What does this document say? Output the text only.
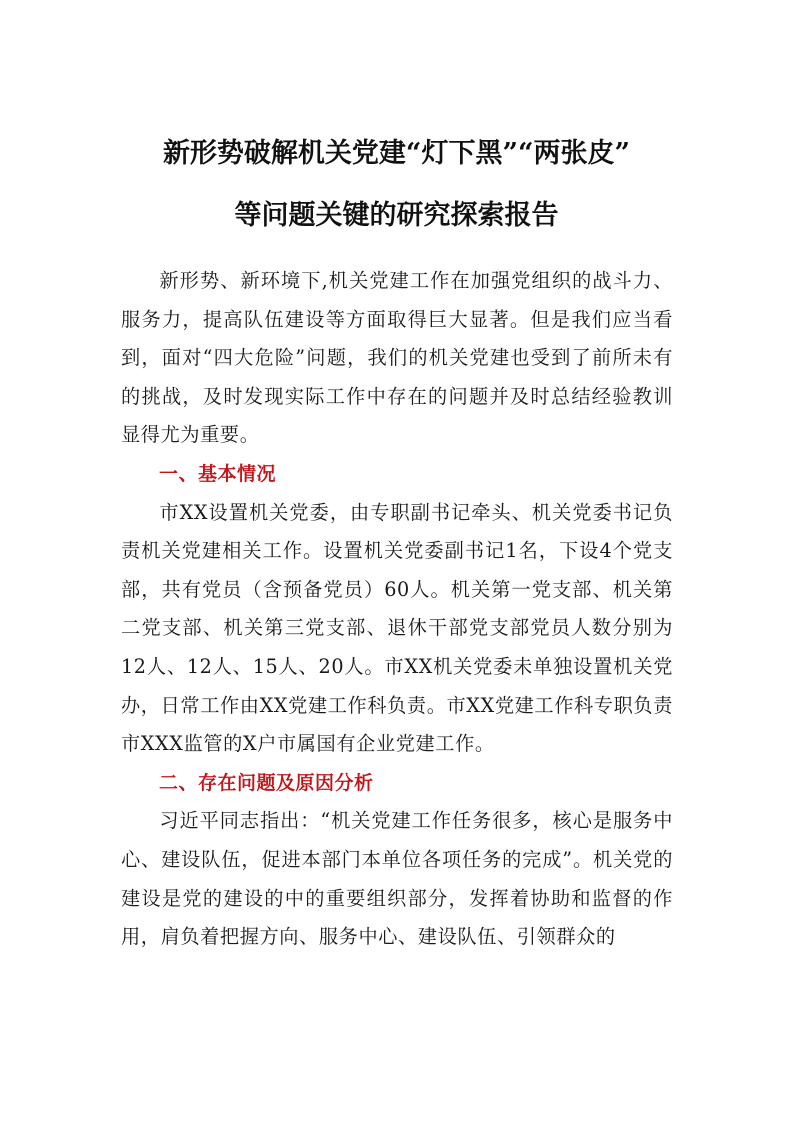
新形势破解机关党建“灯下黑”“两张皮”
等问题关键的研究探索报告

新形势、新环境下,机关党建工作在加强党组织的战斗力、服务力，提高队伍建设等方面取得巨大显著。但是我们应当看到，面对“四大危险”问题，我们的机关党建也受到了前所未有的挑战，及时发现实际工作中存在的问题并及时总结经验教训显得尤为重要。

一、基本情况

市XX设置机关党委，由专职副书记牵头、机关党委书记负责机关党建相关工作。设置机关党委副书记1名，下设4个党支部，共有党员（含预备党员）60人。机关第一党支部、机关第二党支部、机关第三党支部、退休干部党支部党员人数分别为12人、12人、15人、20人。市XX机关党委未单独设置机关党办，日常工作由XX党建工作科负责。市XX党建工作科专职负责市XXX监管的X户市属国有企业党建工作。

二、存在问题及原因分析

习近平同志指出：“机关党建工作任务很多，核心是服务中心、建设队伍，促进本部门本单位各项任务的完成”。机关党的建设是党的建设的中的重要组织部分，发挥着协助和监督的作用，肩负着把握方向、服务中心、建设队伍、引领群众的
